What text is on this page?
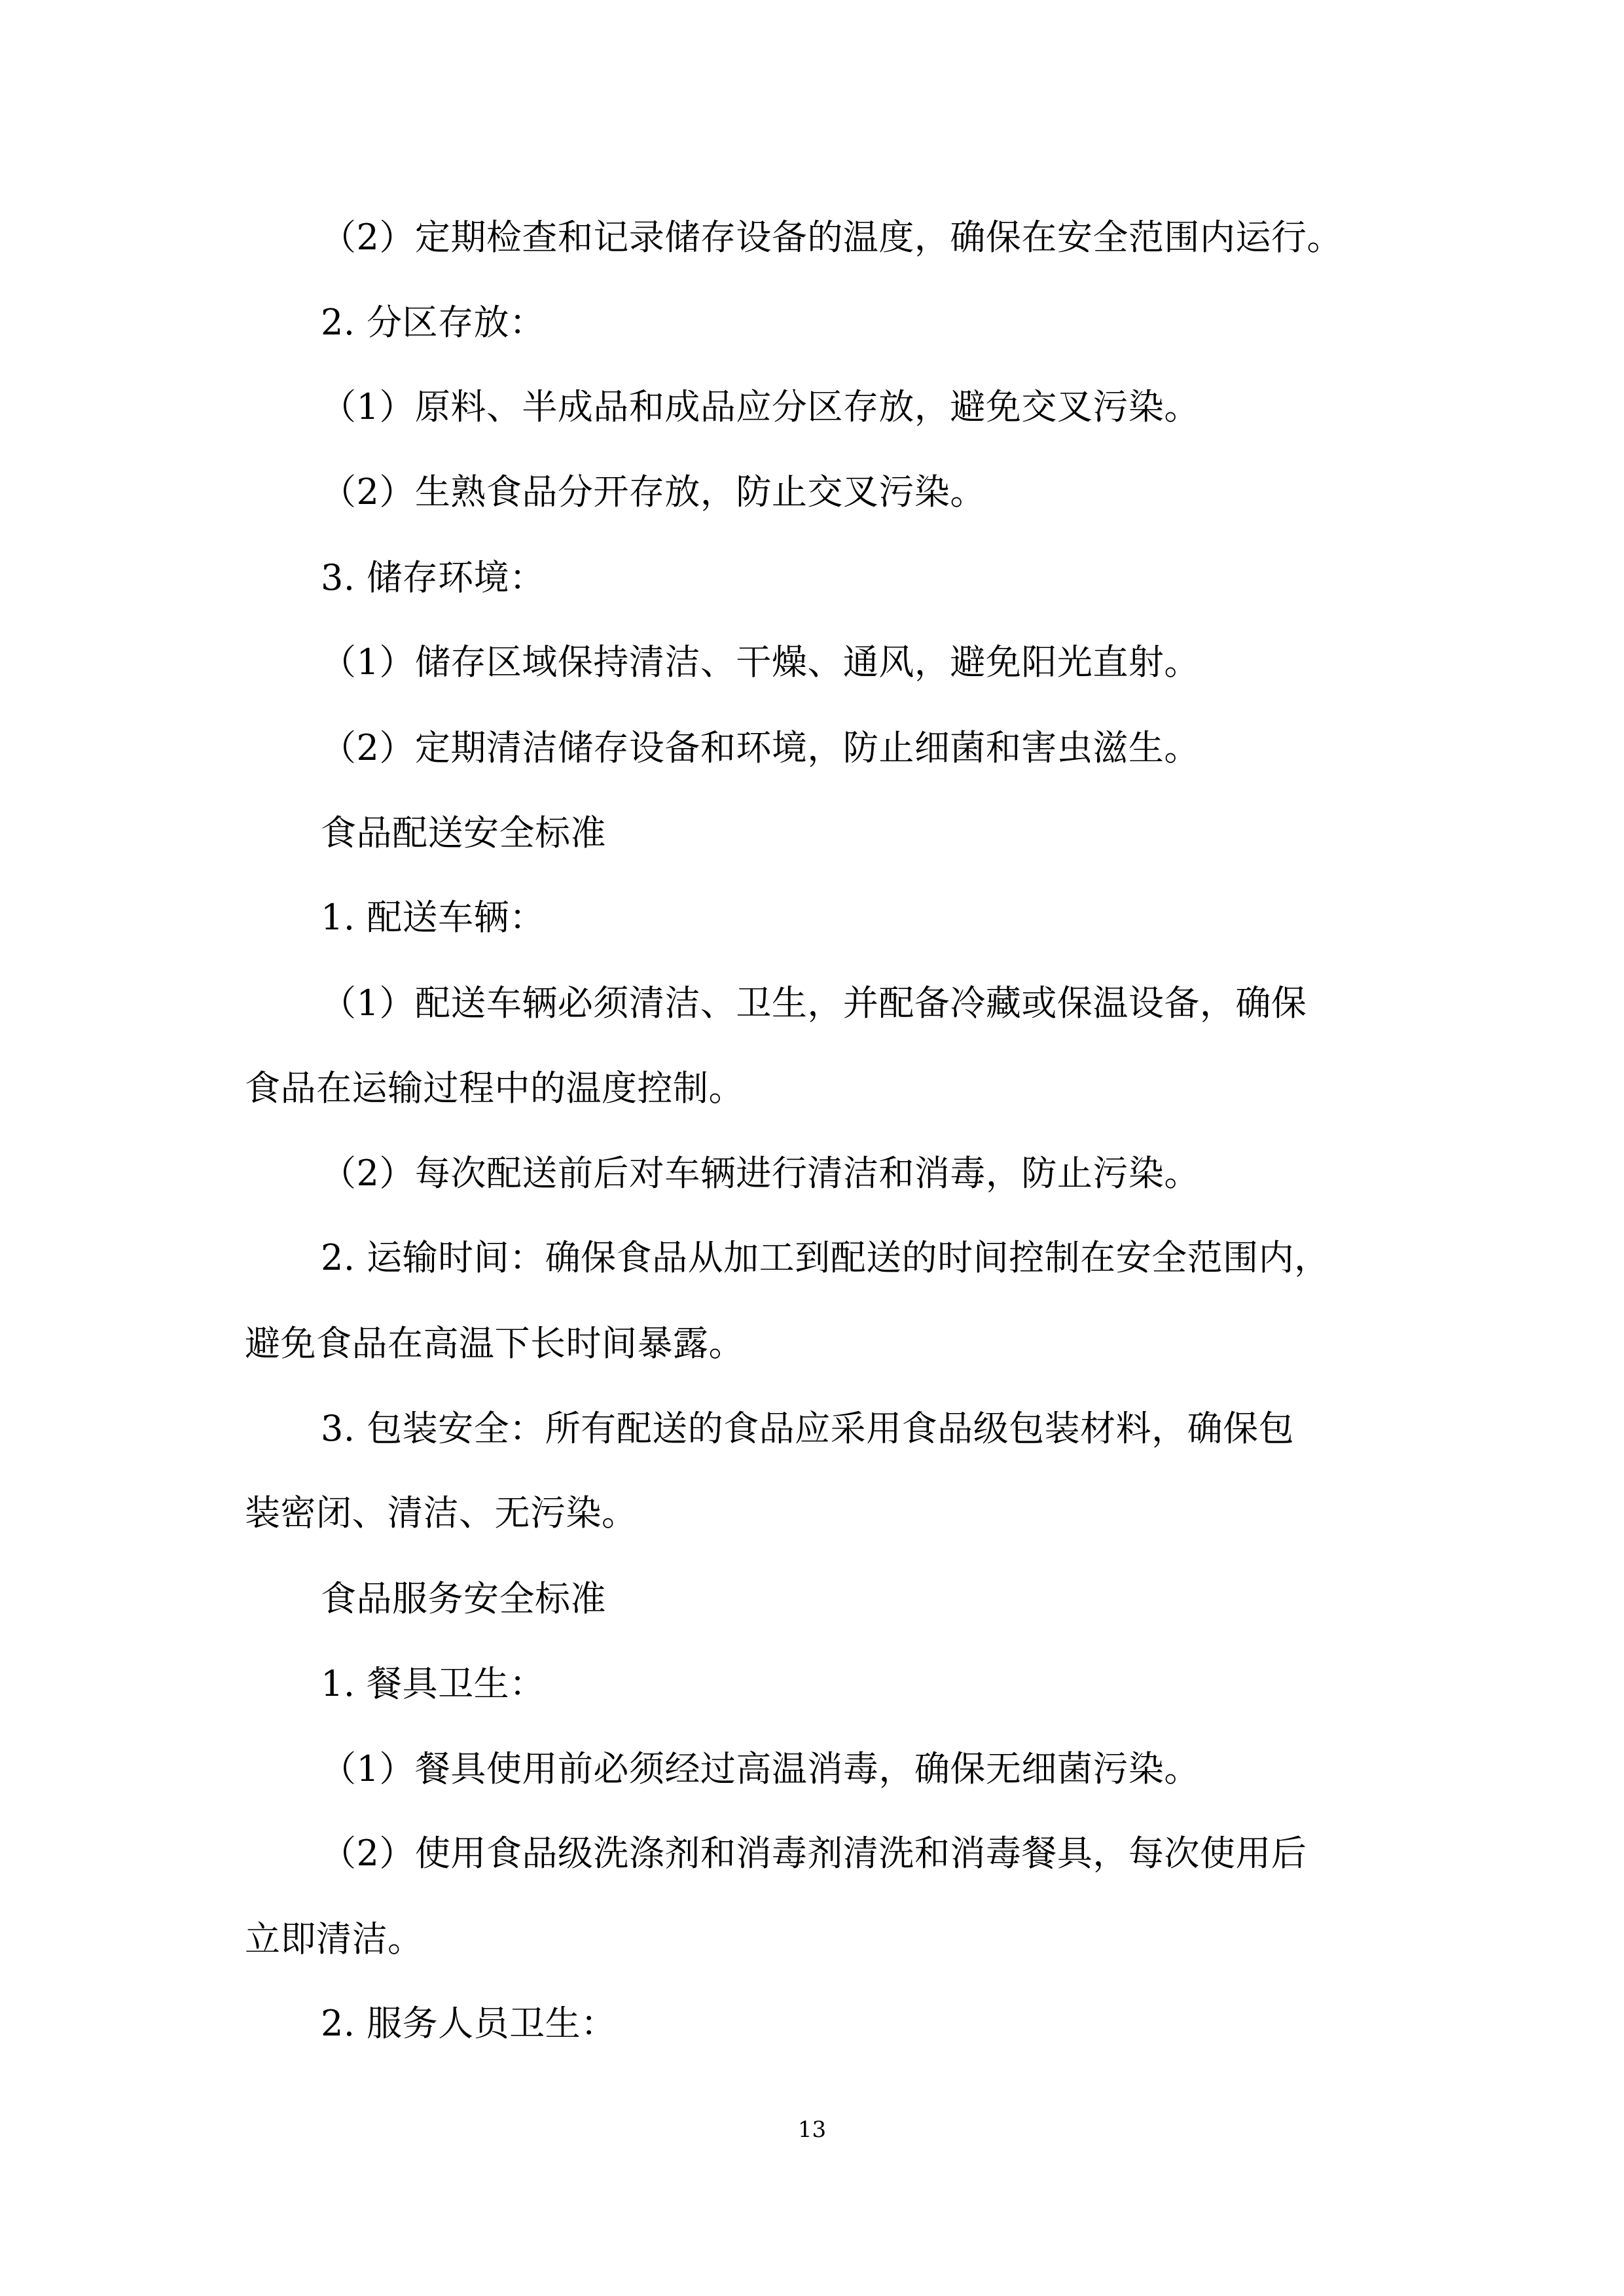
（2）定期检查和记录储存设备的温度，确保在安全范围内运行。
2. 分区存放：
（1）原料、半成品和成品应分区存放，避免交叉污染。
（2）生熟食品分开存放，防止交叉污染。
3. 储存环境：
（1）储存区域保持清洁、干燥、通风，避免阳光直射。
（2）定期清洁储存设备和环境，防止细菌和害虫滋生。
食品配送安全标准
1. 配送车辆：
（1）配送车辆必须清洁、卫生，并配备冷藏或保温设备，确保
食品在运输过程中的温度控制。
（2）每次配送前后对车辆进行清洁和消毒，防止污染。
2. 运输时间：确保食品从加工到配送的时间控制在安全范围内，
避免食品在高温下长时间暴露。
3. 包装安全：所有配送的食品应采用食品级包装材料，确保包
装密闭、清洁、无污染。
食品服务安全标准
1. 餐具卫生：
（1）餐具使用前必须经过高温消毒，确保无细菌污染。
（2）使用食品级洗涤剂和消毒剂清洗和消毒餐具，每次使用后
立即清洁。
2. 服务人员卫生：
13
